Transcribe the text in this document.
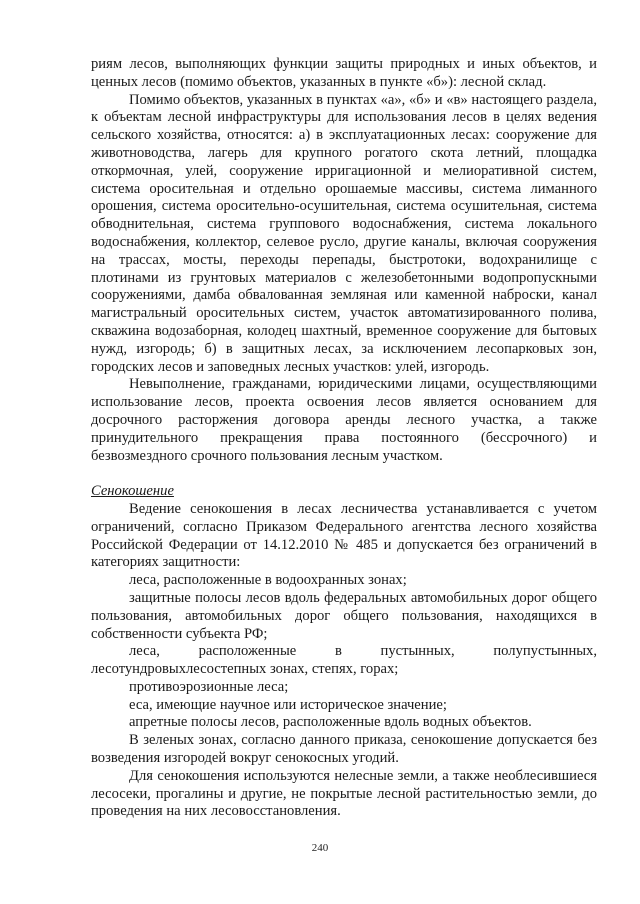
риям лесов, выполняющих функции защиты природных и иных объектов, и ценных лесов (помимо объектов, указанных в пункте «б»): лесной склад.

Помимо объектов, указанных в пунктах «а», «б» и «в» настоящего раздела, к объектам лесной инфраструктуры для использования лесов в целях ведения сельского хозяйства, относятся: а) в эксплуатационных лесах: сооружение для животноводства, лагерь для крупного рогатого скота летний, площадка откормочная, улей, сооружение ирригационной и мелиоративной систем, система оросительная и отдельно орошаемые массивы, система лиманного орошения, система оросительно-осушительная, система осушительная, система обводнительная, система группового водоснабжения, система локального водоснабжения, коллектор, селевое русло, другие каналы, включая сооружения на трассах, мосты, переходы перепады, быстротоки, водохранилище с плотинами из грунтовых материалов с железобетонными водопропускными сооружениями, дамба обвалованная земляная или каменной наброски, канал магистральный оросительных систем, участок автоматизированного полива, скважина водозаборная, колодец шахтный, временное сооружение для бытовых нужд, изгородь; б) в защитных лесах, за исключением лесопарковых зон, городских лесов и заповедных лесных участков: улей, изгородь.

Невыполнение, гражданами, юридическими лицами, осуществляющими использование лесов, проекта освоения лесов является основанием для досрочного расторжения договора аренды лесного участка, а также принудительного прекращения права постоянного (бессрочного) и безвозмездного срочного пользования лесным участком.

Сенокошение

Ведение сенокошения в лесах лесничества устанавливается с учетом ограничений, согласно Приказом Федерального агентства лесного хозяйства Российской Федерации от 14.12.2010 № 485 и допускается без ограничений в категориях защитности:

леса, расположенные в водоохранных зонах;

защитные полосы лесов вдоль федеральных автомобильных дорог общего пользования, автомобильных дорог общего пользования, находящихся в собственности субъекта РФ;

леса, расположенные в пустынных, полупустынных, лесотундровыхлесостепных зонах, степях, горах;

противоэрозионные леса;

еса, имеющие научное или историческое значение;

апретные полосы лесов, расположенные вдоль водных объектов.

В зеленых зонах, согласно данного приказа, сенокошение допускается без возведения изгородей вокруг сенокосных угодий.

Для сенокошения используются нелесные земли, а также необлесившиеся лесосеки, прогалины и другие, не покрытые лесной растительностью земли, до проведения на них лесовосстановления.

240
